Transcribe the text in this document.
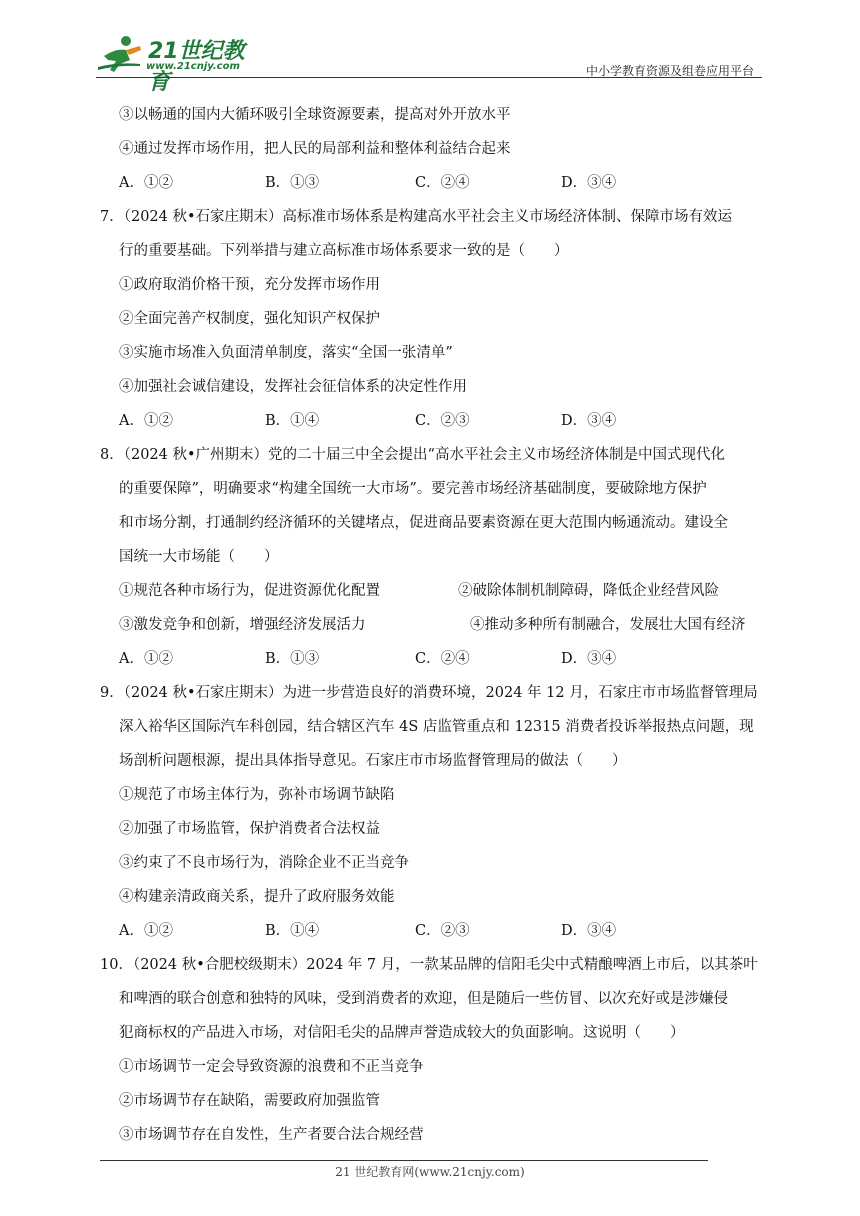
21世纪教育
www.21cnjy.com	中小学教育资源及组卷应用平台
③以畅通的国内大循环吸引全球资源要素，提高对外开放水平
④通过发挥市场作用，把人民的局部利益和整体利益结合起来
A．①②	B．①③	C．②④	D．③④
7．（2024 秋•石家庄期末）高标准市场体系是构建高水平社会主义市场经济体制、保障市场有效运
行的重要基础。下列举措与建立高标准市场体系要求一致的是（　　）
①政府取消价格干预，充分发挥市场作用
②全面完善产权制度，强化知识产权保护
③实施市场准入负面清单制度，落实“全国一张清单”
④加强社会诚信建设，发挥社会征信体系的决定性作用
A．①②	B．①④	C．②③	D．③④
8．（2024 秋•广州期末）党的二十届三中全会提出“高水平社会主义市场经济体制是中国式现代化
的重要保障”，明确要求“构建全国统一大市场”。要完善市场经济基础制度，要破除地方保护
和市场分割，打通制约经济循环的关键堵点，促进商品要素资源在更大范围内畅通流动。建设全
国统一大市场能（　　）
①规范各种市场行为，促进资源优化配置	②破除体制机制障碍，降低企业经营风险
③激发竞争和创新，增强经济发展活力	④推动多种所有制融合，发展壮大国有经济
A．①②	B．①③	C．②④	D．③④
9．（2024 秋•石家庄期末）为进一步营造良好的消费环境，2024 年 12 月，石家庄市市场监督管理局
深入裕华区国际汽车科创园，结合辖区汽车 4S 店监管重点和 12315 消费者投诉举报热点问题，现
场剖析问题根源，提出具体指导意见。石家庄市市场监督管理局的做法（　　）
①规范了市场主体行为，弥补市场调节缺陷
②加强了市场监管，保护消费者合法权益
③约束了不良市场行为，消除企业不正当竞争
④构建亲清政商关系，提升了政府服务效能
A．①②	B．①④	C．②③	D．③④
10．（2024 秋•合肥校级期末）2024 年 7 月，一款某品牌的信阳毛尖中式精酿啤酒上市后，以其茶叶
和啤酒的联合创意和独特的风味，受到消费者的欢迎，但是随后一些仿冒、以次充好或是涉嫌侵
犯商标权的产品进入市场，对信阳毛尖的品牌声誉造成较大的负面影响。这说明（　　）
①市场调节一定会导致资源的浪费和不正当竞争
②市场调节存在缺陷，需要政府加强监管
③市场调节存在自发性，生产者要合法合规经营
21 世纪教育网(www.21cnjy.com)
